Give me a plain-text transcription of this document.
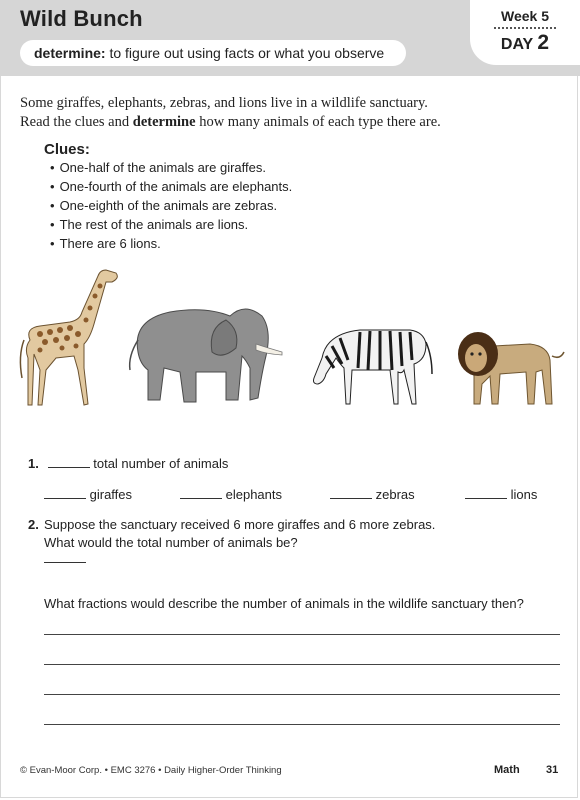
Wild Bunch
determine: to figure out using facts or what you observe
Week 5
DAY 2

Some giraffes, elephants, zebras, and lions live in a wildlife sanctuary.

Read the clues and determine how many animals of each type there are.

Clues:
• One-half of the animals are giraffes.
• One-fourth of the animals are elephants.
• One-eighth of the animals are zebras.
• The rest of the animals are lions.
• There are 6 lions.
1.	total number of animals
giraffes	elephants	zebras	lions
2. Suppose the sanctuary received 6 more giraffes and 6 more zebras.
What would the total number of animals be?
What fractions would describe the number of animals in the wildlife sanctuary then?
© Evan-Moor Corp. • EMC 3276 • Daily Higher-Order Thinking	Math 31
